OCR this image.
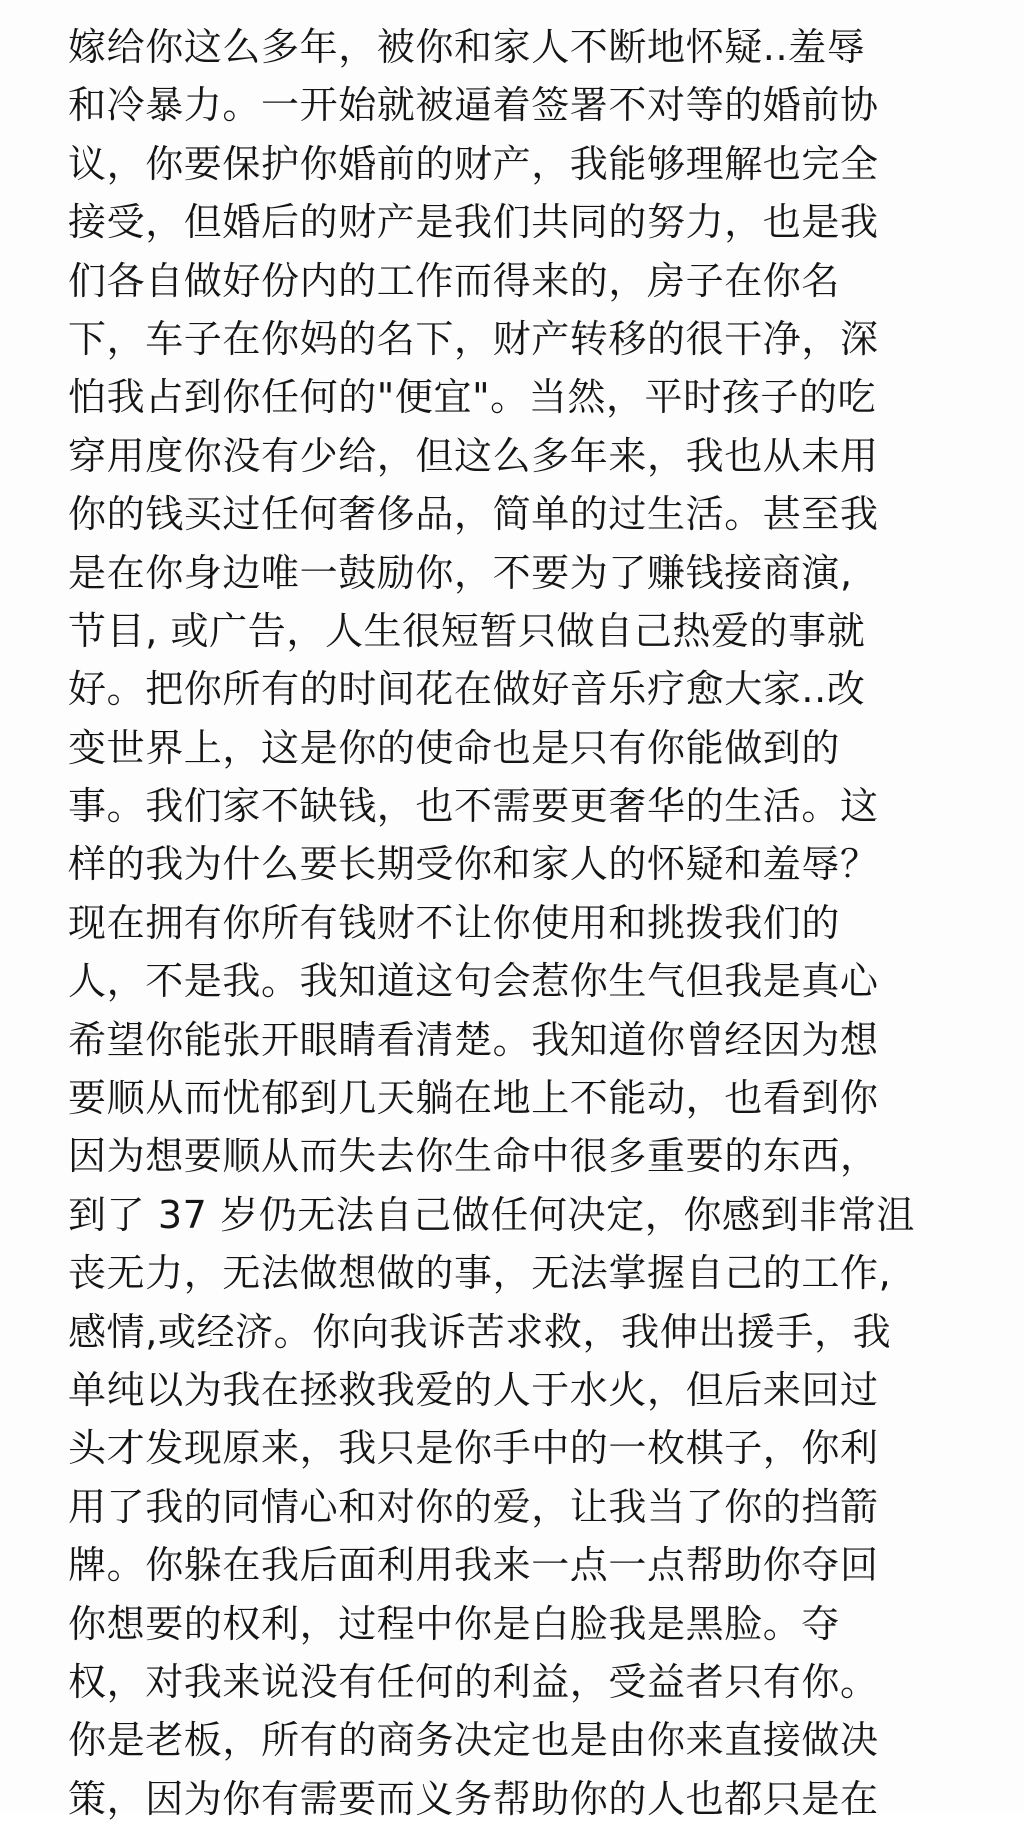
嫁给你这么多年，被你和家人不断地怀疑..羞辱
和冷暴力。一开始就被逼着签署不对等的婚前协
议，你要保护你婚前的财产，我能够理解也完全
接受，但婚后的财产是我们共同的努力，也是我
们各自做好份内的工作而得来的，房子在你名
下，车子在你妈的名下，财产转移的很干净，深
怕我占到你任何的"便宜"。当然，平时孩子的吃
穿用度你没有少给，但这么多年来，我也从未用
你的钱买过任何奢侈品，简单的过生活。甚至我
是在你身边唯一鼓励你，不要为了赚钱接商演,
节目, 或广告，人生很短暂只做自己热爱的事就
好。把你所有的时间花在做好音乐疗愈大家..改
变世界上，这是你的使命也是只有你能做到的
事。我们家不缺钱，也不需要更奢华的生活。这
样的我为什么要长期受你和家人的怀疑和羞辱？
现在拥有你所有钱财不让你使用和挑拨我们的
人，不是我。我知道这句会惹你生气但我是真心
希望你能张开眼睛看清楚。我知道你曾经因为想
要顺从而忧郁到几天躺在地上不能动，也看到你
因为想要顺从而失去你生命中很多重要的东西，
到了 37 岁仍无法自己做任何决定，你感到非常沮
丧无力，无法做想做的事，无法掌握自己的工作,
感情,或经济。你向我诉苦求救，我伸出援手，我
单纯以为我在拯救我爱的人于水火，但后来回过
头才发现原来，我只是你手中的一枚棋子，你利
用了我的同情心和对你的爱，让我当了你的挡箭
牌。你躲在我后面利用我来一点一点帮助你夺回
你想要的权利，过程中你是白脸我是黑脸。夺
权，对我来说没有任何的利益，受益者只有你。
你是老板，所有的商务决定也是由你来直接做决
策，因为你有需要而义务帮助你的人也都只是在
